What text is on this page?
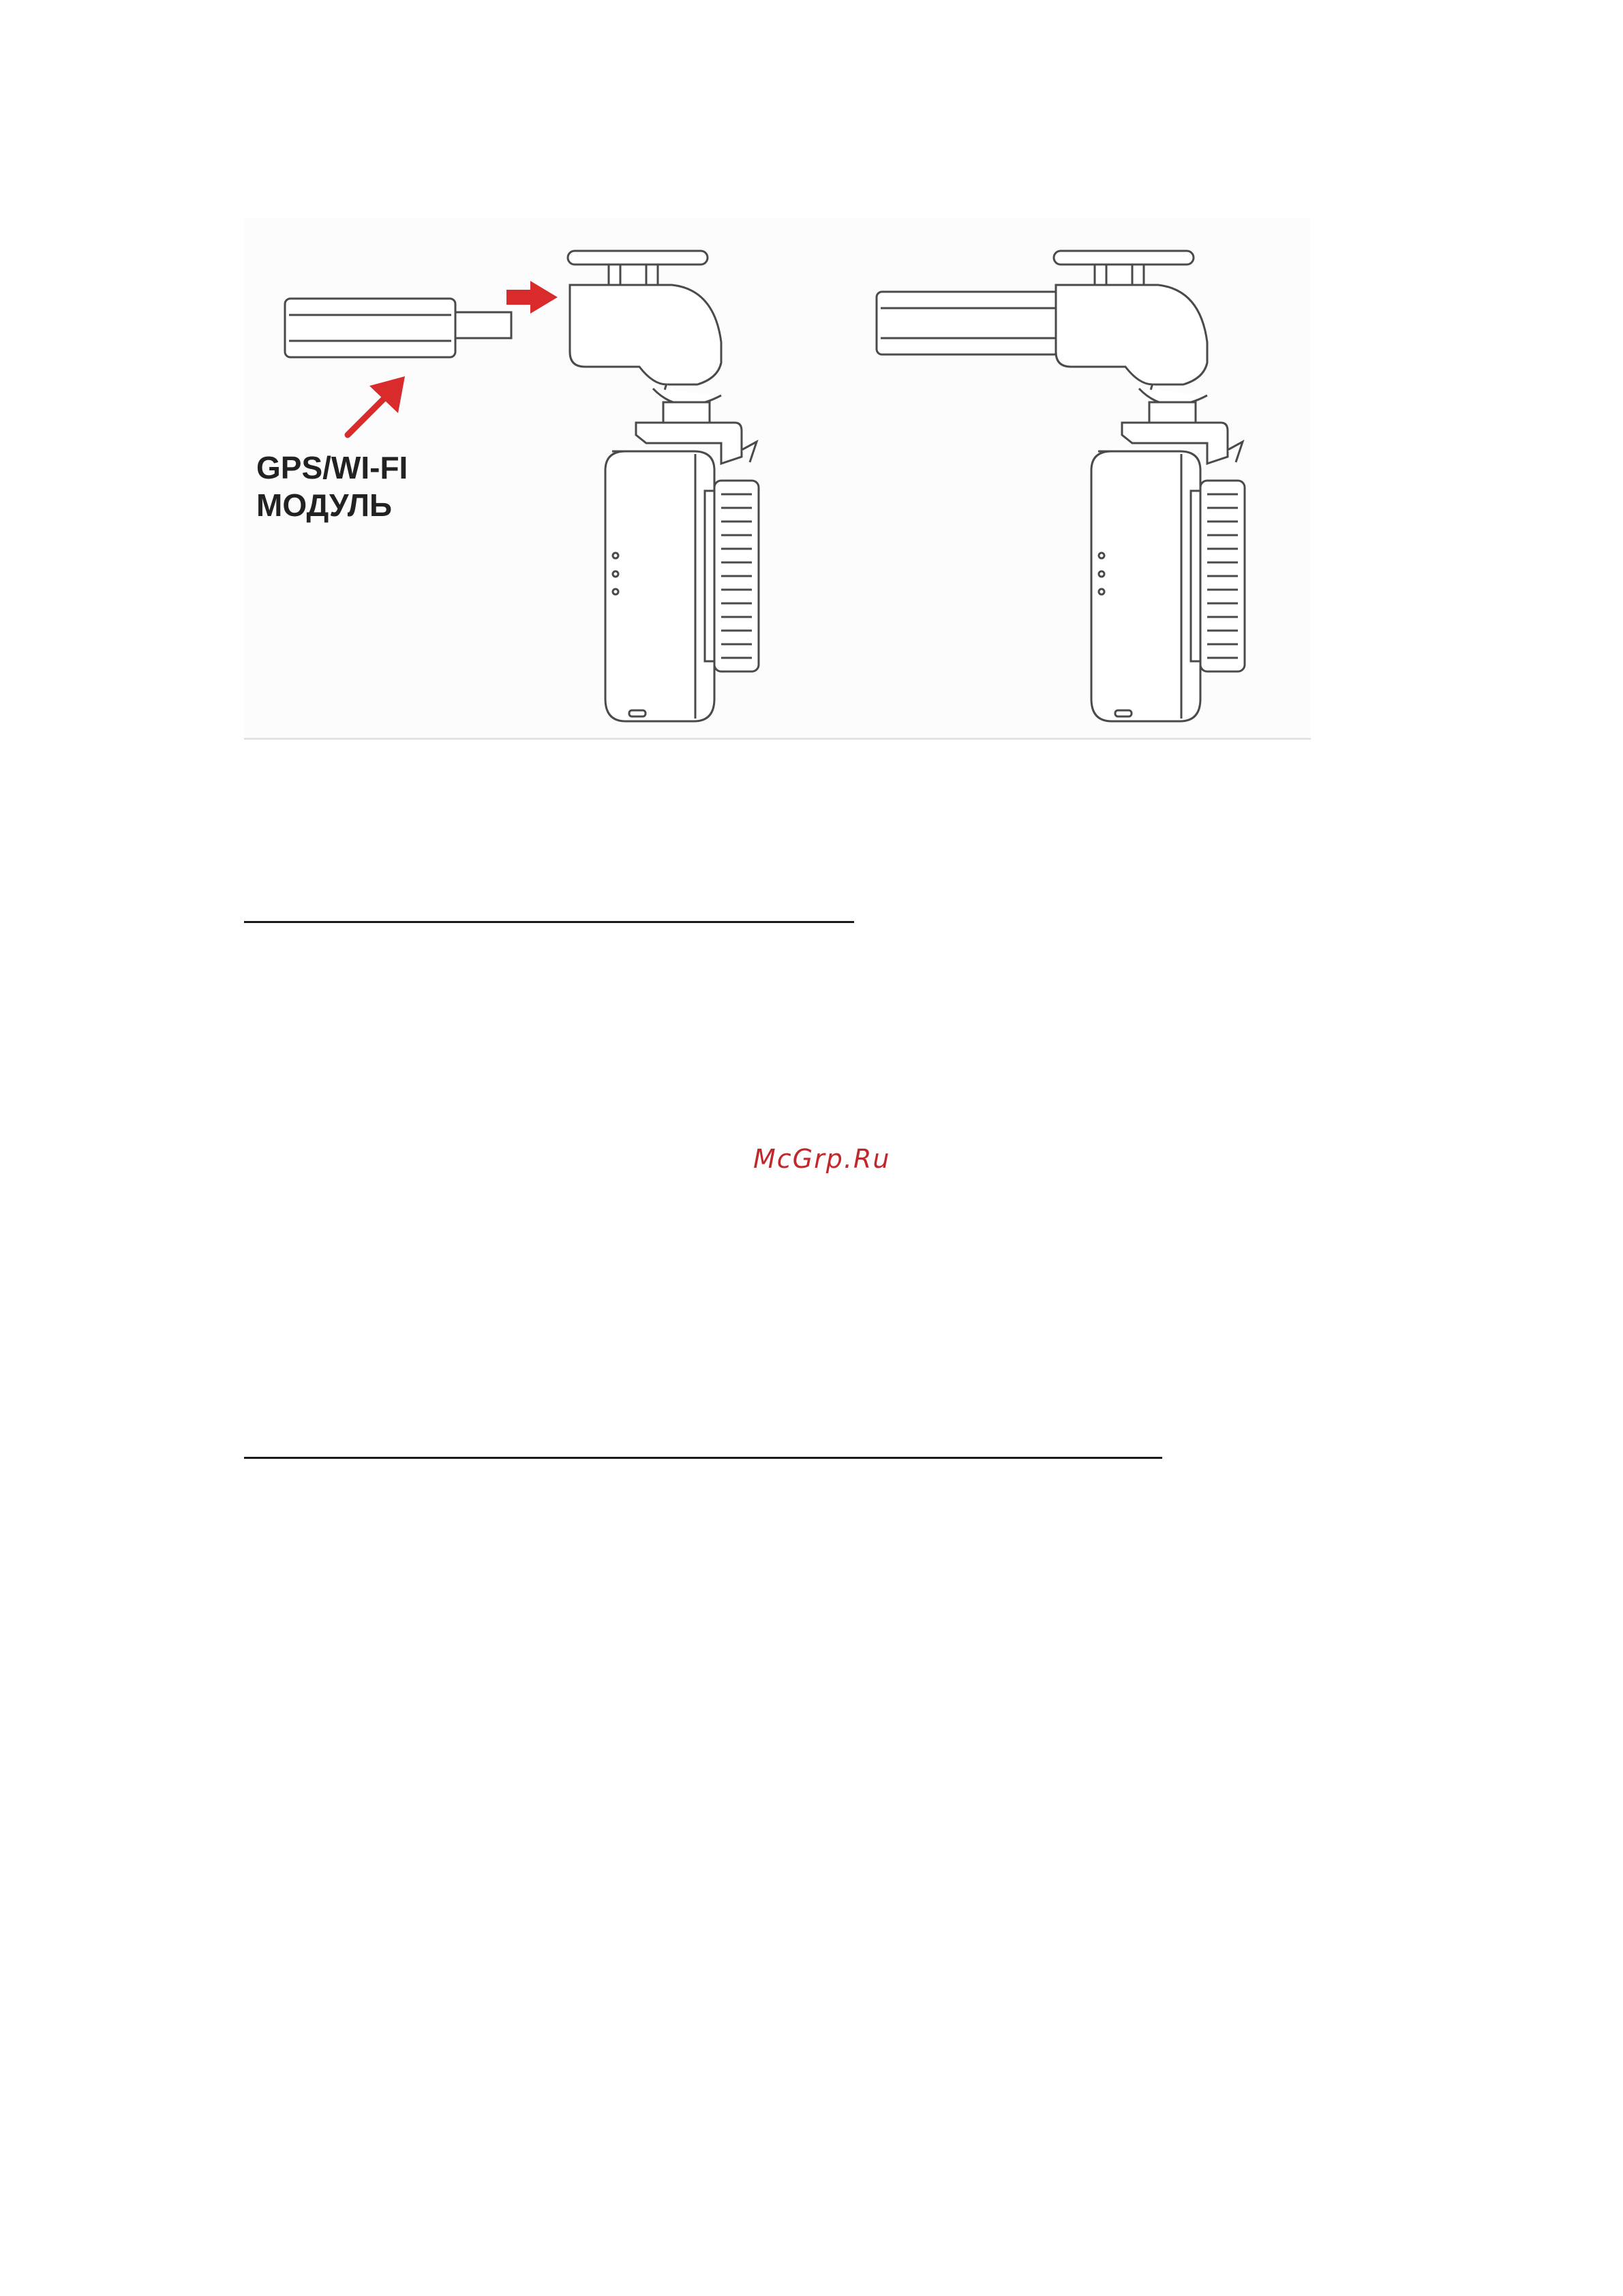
GPS/WI-FI
МОДУЛЬ
McGrp.Ru
